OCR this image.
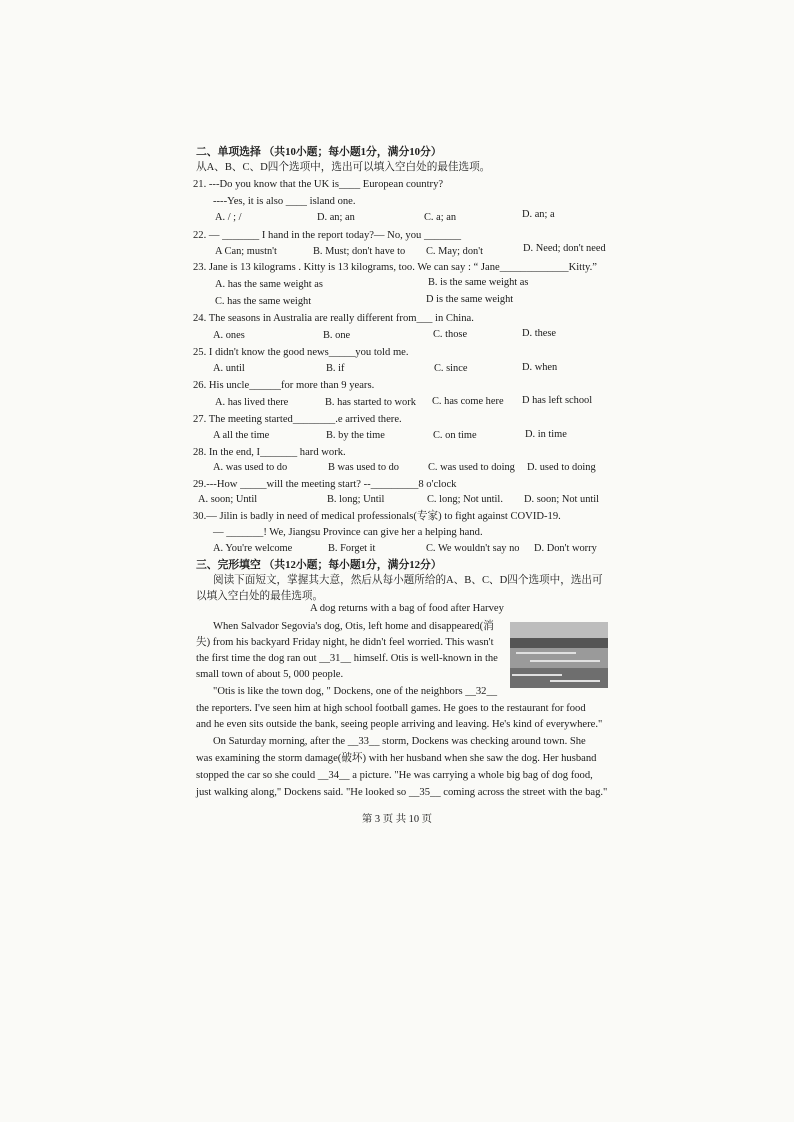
二、单项选择 （共10小题；每小题1分，满分10分）
从A、B、C、D四个选项中，选出可以填入空白处的最佳选项。
21. ---Do you know that the UK is____ European country?
----Yes, it is also ____ island one.
A. / ; /	D. an; an	C. a; an	D. an; a
22. — _______ I hand in the report today?— No, you _______
A Can; mustn't	B. Must; don't have to C. May; don't	D. Need; don't need
23. Jane is 13 kilograms . Kitty is 13 kilograms, too. We can say : “ Jane_____________Kitty.”
A. has the same weight as	B. is the same weight as
C. has the same weight	D is the same weight
24. The seasons in Australia are really different from___ in China.
A. ones	B. one	C. those	D. these
25. I didn't know the good news_____you told me.
A. until	B. if	C. since	D. when
26. His uncle______for more than 9 years.
A. has lived there	B. has started to work C. has come here D has left school
27. The meeting started________.e arrived there.
A all the time	B. by the time	C. on time	D. in time
28. In the end, I_______ hard work.
A. was used to do	B was used to do	C. was used to doing D. used to doing
29.---How _____will the meeting start? --_________8 o'clock
A. soon; Until	B. long; Until	C. long; Not until. D. soon; Not until
30.— Jilin is badly in need of medical professionals(专家) to fight against COVID-19.
— _______! We, Jiangsu Province can give her a helping hand.
A. You're welcome	B. Forget it	C. We wouldn't say no D. Don't worry
三、完形填空 （共12小题；每小题1分，满分12分）
阅读下面短文，掌握其大意，然后从每小题所给的A、B、C、D四个选项中，选出可
以填入空白处的最佳选项。
A dog returns with a bag of food after Harvey
When Salvador Segovia's dog, Otis, left home and disappeared(消
失) from his backyard Friday night, he didn't feel worried. This wasn't
the first time the dog ran out __31__ himself. Otis is well-known in the
small town of about 5, 000 people.
"Otis is like the town dog, " Dockens, one of the neighbors __32__
the reporters. I've seen him at high school football games. He goes to the restaurant for food
and he even sits outside the bank, seeing people arriving and leaving. He's kind of everywhere."
On Saturday morning, after the __33__ storm, Dockens was checking around town. She
was examining the storm damage(破坏) with her husband when she saw the dog. Her husband
stopped the car so she could __34__ a picture. "He was carrying a whole big bag of dog food,
just walking along," Dockens said. "He looked so __35__ coming across the street with the bag."
第 3 页 共 10 页
